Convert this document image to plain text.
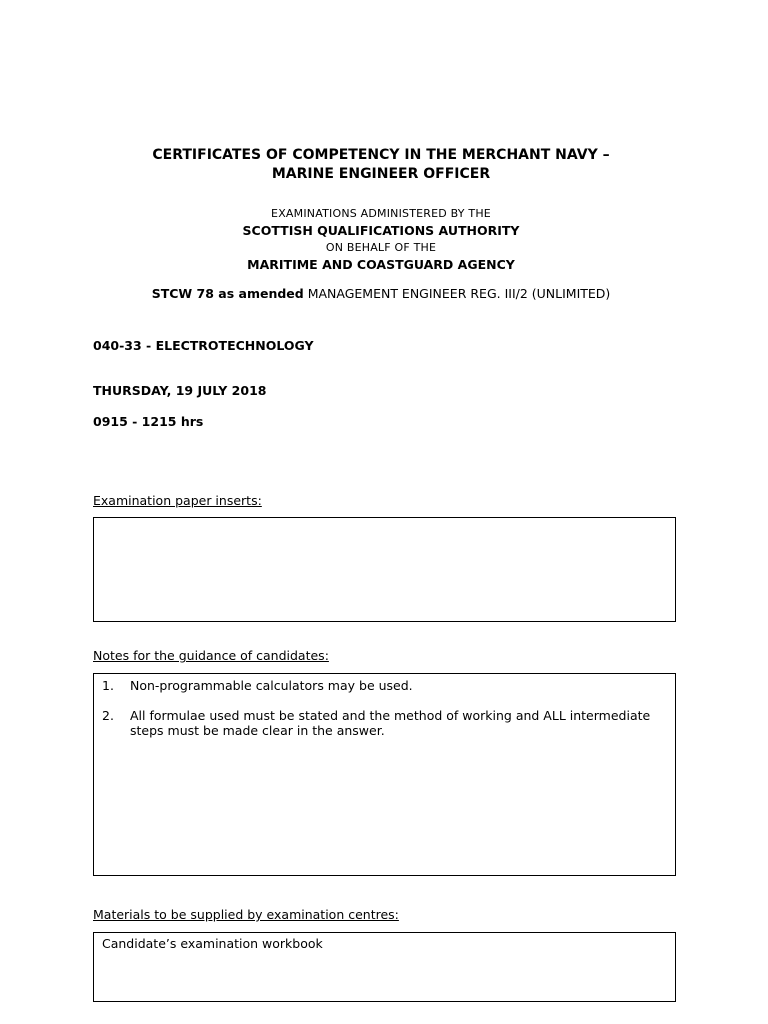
CERTIFICATES OF COMPETENCY IN THE MERCHANT NAVY –
MARINE ENGINEER OFFICER
EXAMINATIONS ADMINISTERED BY THE
SCOTTISH QUALIFICATIONS AUTHORITY
ON BEHALF OF THE
MARITIME AND COASTGUARD AGENCY
STCW 78 as amended MANAGEMENT ENGINEER REG. III/2 (UNLIMITED)
040-33 - ELECTROTECHNOLOGY
THURSDAY, 19 JULY 2018
0915 - 1215 hrs
Examination paper inserts:
Notes for the guidance of candidates:
1.	Non-programmable calculators may be used.
2.	All formulae used must be stated and the method of working and ALL intermediate steps must be made clear in the answer.
Materials to be supplied by examination centres:
Candidate’s examination workbook
